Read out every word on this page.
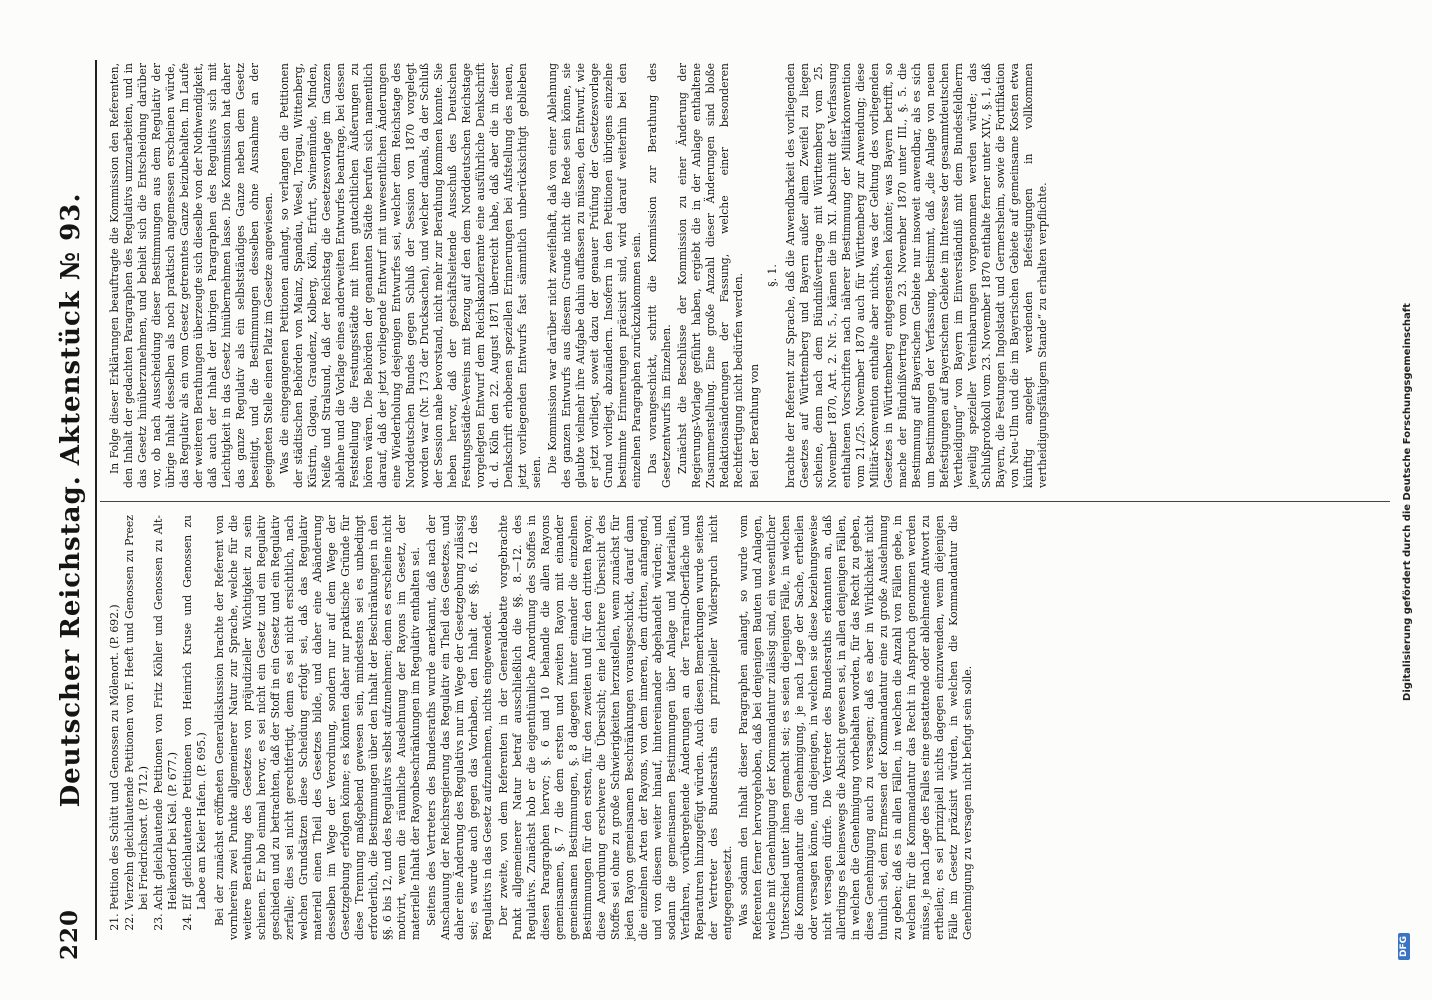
220
Deutscher Reichstag. Aktenstück № 93. 21. Petition des Schütt und Genossen zu Mölenort. (P. 692.) 22. Vierzehn gleichlautende Petitionen von F. Heeft und Genossen zu Preez bei Friedrichsort. (P. 712.) 23. Acht gleichlautende Petitionen von Fritz Köhler und Genossen zu Alt-Heikendorf bei Kiel. (P. 677.) 24. Elf gleichlautende Petitionen von Heinrich Kruse und Genossen zu Laboe am Kieler Hafen. (P. 695.) Bei der zunächst eröffneten Generaldiskussion brachte der Referent von vornherein zwei Punkte allgemeinerer Natur zur Sprache, welche für die weitere Berathung des Gesetzes von präjudizieller Wichtigkeit zu sein schienen. Er hob einmal hervor, es sei nicht ein Gesetz und ein Regulativ geschieden und zu betrachten, daß der Stoff in ein Gesetz und ein Regulativ zerfalle; dies sei nicht gerechtfertigt, denn es sei nicht ersichtlich, nach welchen Grundsätzen diese Scheidung erfolgt sei, daß das Regulativ materiell einen Theil des Gesetzes bilde, und daher eine Abänderung desselben im Wege der Verordnung, sondern nur auf dem Wege der Gesetzgebung erfolgen könne; es könnten daher nur praktische Gründe für diese Trennung maßgebend gewesen sein, mindestens sei es unbedingt erforderlich, die Bestimmungen über den Inhalt der Beschränkungen in den §§. 6 bis 12, und des Regulativs selbst aufzunehmen; denn es erscheine nicht motivirt, wenn die räumliche Ausdehnung der Rayons im Gesetz, der materielle Inhalt der Rayonbeschränkungen im Regulativ enthalten sei. Seitens des Vertreters des Bundesraths wurde anerkannt, daß nach der Anschauung der Reichsregierung das Regulativ ein Theil des Gesetzes, und daher eine Änderung des Regulativs nur im Wege der Gesetzgebung zulässig sei; es wurde auch gegen das Vorhaben, den Inhalt der §§. 6. 12 des Regulativs in das Gesetz aufzunehmen, nichts eingewendet. Der zweite, von dem Referenten in der Generaldebatte vorgebrachte Punkt allgemeinerer Natur betraf ausschließlich die §§. 8.—12. des Regulativs. Zunächst hob er die eigenthümliche Anordnung des Stoffes in diesen Paragraphen hervor; §. 6 und 10 behandle die allen Rayons gemeinsamen, §. 7 die dem ersten und zweiten Rayon mit einander gemeinsamen Bestimmungen, §. 8 dagegen hinter einander die einzelnen Bestimmungen für den ersten, für den zweiten und für den dritten Rayon; diese Anordnung erschwere die Übersicht; eine leichtere Übersicht des Stoffes sei ohne zu große Schwierigkeiten herzustellen, wenn zunächst für jeden Rayon gemeinsamen Beschränkungen vorausgeschickt, darauf dann die einzelnen Arten der Rayons, von dem inneren, dem dritten, anfangend, und von diesem weiter hinauf, hintereinander abgehandelt würden; und sodann die gemeinsamen Bestimmungen über Anlage und Materialien, Verfahren, vorübergehende Änderungen an der Terrain-Oberfläche und Reparaturen hinzugefügt würden. Auch diesen Bemerkungen wurde seitens der Vertreter des Bundesraths ein prinzipieller Widerspruch nicht entgegengesetzt. Was sodann den Inhalt dieser Paragraphen anlangt, so wurde vom Referenten ferner hervorgehoben, daß bei denjenigen Bauten und Anlagen, welche mit Genehmigung der Kommandantur zulässig sind, ein wesentlicher Unterschied unter ihnen gemacht sei; es seien diejenigen Fälle, in welchen die Kommandantur die Genehmigung, je nach Lage der Sache, ertheilen oder versagen könne, und diejenigen, in welchen sie diese beziehungsweise nicht versagen dürfe. Die Vertreter des Bundesraths erkannten an, daß allerdings es keineswegs die Absicht gewesen sei, in allen denjenigen Fällen, in welchen die Genehmigung vorbehalten worden, für das Recht zu geben, diese Genehmigung auch zu versagen; daß es aber in Wirklichkeit nicht thunlich sei, dem Ermessen der Kommandantur eine zu große Ausdehnung zu geben; daß es in allen Fällen, in welchen die Anzahl von Fällen gebe, in welchen für die Kommandantur das Recht in Anspruch genommen werden müsse, je nach Lage des Falles eine gestattende oder ablehnende Antwort zu ertheilen; es sei prinzipiell nichts dagegen einzuwenden, wenn diejenigen Fälle im Gesetz präzisirt würden, in welchen die Kommandantur die Genehmigung zu versagen nicht befugt sein solle.

In Folge dieser Erklärungen beauftragte die Kommission den Referenten, den Inhalt der gedachten Paragraphen des Regulativs umzuarbeiten, und in das Gesetz hinüberzunehmen, und behielt sich die Entscheidung darüber vor, ob nach Ausscheidung dieser Bestimmungen aus dem Regulativ der übrige Inhalt desselben als noch praktisch angemessen erscheinen würde, das Regulativ als ein vom Gesetz getrenntes Ganze beizubehalten. Im Laufe der weiteren Berathungen überzeugte sich dieselbe von der Nothwendigkeit, daß auch der Inhalt der übrigen Paragraphen des Regulativs sich mit Leichtigkeit in das Gesetz hinübernehmen lasse. Die Kommission hat daher das ganze Regulativ als ein selbstständiges Ganze neben dem Gesetz beseitigt, und die Bestimmungen desselben ohne Ausnahme an der geeigneten Stelle einen Platz im Gesetze angewiesen. Was die eingegangenen Petitionen anlangt, so verlangen die Petitionen der städtischen Behörden von Mainz, Spandau, Wesel, Torgau, Wittenberg, Küstrin, Glogau, Graudenz, Kolberg, Köln, Erfurt, Swinemünde, Minden, Neiße und Stralsund, daß der Reichstag die Gesetzesvorlage im Ganzen ablehne und die Vorlage eines anderweiten Entwurfes beantrage, bei dessen Feststellung die Festungsstädte mit ihren gutachtlichen Äußerungen zu hören wären. Die Behörden der genannten Städte berufen sich namentlich darauf, daß der jetzt vorliegende Entwurf mit unwesentlichen Änderungen eine Wiederholung desjenigen Entwurfes sei, welcher dem Reichstage des Norddeutschen Bundes gegen Schluß der Session von 1870 vorgelegt worden war (Nr. 173 der Drucksachen), und welcher damals, da der Schluß der Session nahe bevorstand, nicht mehr zur Berathung kommen konnte. Sie heben hervor, daß der geschäftsleitende Ausschuß des Deutschen Festungsstädte-Vereins mit Bezug auf den dem Norddeutschen Reichstage vorgelegten Entwurf dem Reichskanzleramte eine ausführliche Denkschrift d. d. Köln den 22. August 1871 überreicht habe, daß aber die in dieser Denkschrift erhobenen speziellen Erinnerungen bei Aufstellung des neuen, jetzt vorliegenden Entwurfs fast sämmtlich unberücksichtigt geblieben seien. Die Kommission war darüber nicht zweifelhaft, daß von einer Ablehnung des ganzen Entwurfs aus diesem Grunde nicht die Rede sein könne, sie glaubte vielmehr ihre Aufgabe dahin auffassen zu müssen, den Entwurf, wie er jetzt vorliegt, soweit dazu der genauer Prüfung der Gesetzesvorlage Grund vorliegt, abzuändern. Insofern in den Petitionen übrigens einzelne bestimmte Erinnerungen präcisirt sind, wird darauf weiterhin bei den einzelnen Paragraphen zurückzukommen sein. Das vorangeschickt, schritt die Kommission zur Berathung des Gesetzentwurfs im Einzelnen. Zunächst die Beschlüsse der Kommission zu einer Änderung der Regierungs-Vorlage geführt haben, ergiebt die in der Anlage enthaltene Zusammenstellung. Eine große Anzahl dieser Änderungen sind bloße Redaktionsänderungen der Fassung, welche einer besonderen Rechtfertigung nicht bedürfen werden. Bei der Berathung von

§. 1. brachte der Referent zur Sprache, daß die Anwendbarkeit des vorliegenden Gesetzes auf Württemberg und Bayern außer allem Zweifel zu liegen scheine, denn nach dem Bündnißvertrage mit Württemberg vom 25. November 1870, Art. 2. Nr. 5., kämen die im XI. Abschnitt der Verfassung enthaltenen Vorschriften nach näherer Bestimmung der Militärkonvention vom 21./25. November 1870 auch für Württemberg zur Anwendung; diese Militär-Konvention enthalte aber nichts, was der Geltung des vorliegenden Gesetzes in Württemberg entgegenstehen könnte; was Bayern betrifft, so mache der Bündnißvertrag vom 23. November 1870 unter III., §. 5. die Bestimmung auf Bayerischem Gebiete nur insoweit anwendbar, als es sich um Bestimmungen der Verfassung, bestimmt, daß „die Anlage von neuen Befestigungen auf Bayerischem Gebiete im Interesse der gesammtdeutschen Vertheidigung“ von Bayern im Einverständniß mit dem Bundesfeldherrn jeweilig spezieller Vereinbarungen vorgenommen werden würde; das Schlußprotokoll vom 23. November 1870 enthalte ferner unter XIV., §. 1, daß Bayern, die Festungen Ingolstadt und Germersheim, sowie die Fortifikation von Neu-Ulm und die im Bayerischen Gebiete auf gemeinsame Kosten etwa künftig angelegt werdenden Befestigungen in vollkommen vertheidigungsfähigem Stande“ zu erhalten verpflichte.

DFG
Digitalisierung gefördert durch die Deutsche Forschungsgemeinschaft
